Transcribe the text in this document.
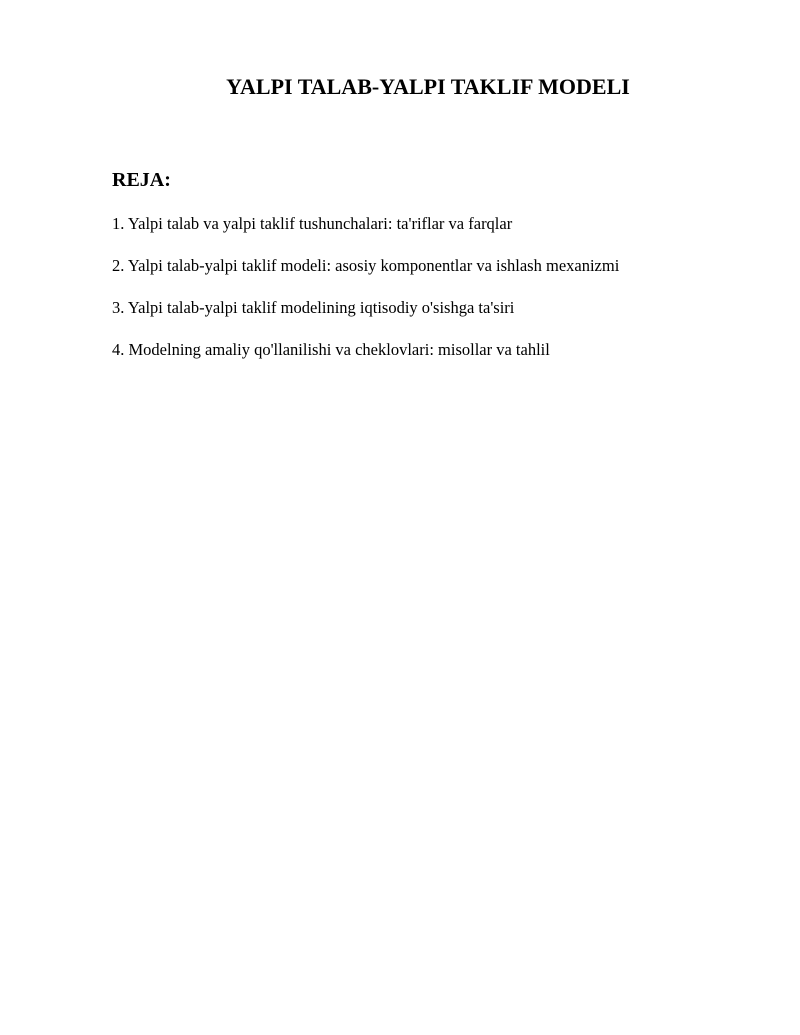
YALPI TALAB-YALPI TAKLIF MODELI
REJA:
1. Yalpi talab va yalpi taklif tushunchalari: ta'riflar va farqlar
2. Yalpi talab-yalpi taklif modeli: asosiy komponentlar va ishlash mexanizmi
3. Yalpi talab-yalpi taklif modelining iqtisodiy o'sishga ta'siri
4. Modelning amaliy qo'llanilishi va cheklovlari: misollar va tahlil
